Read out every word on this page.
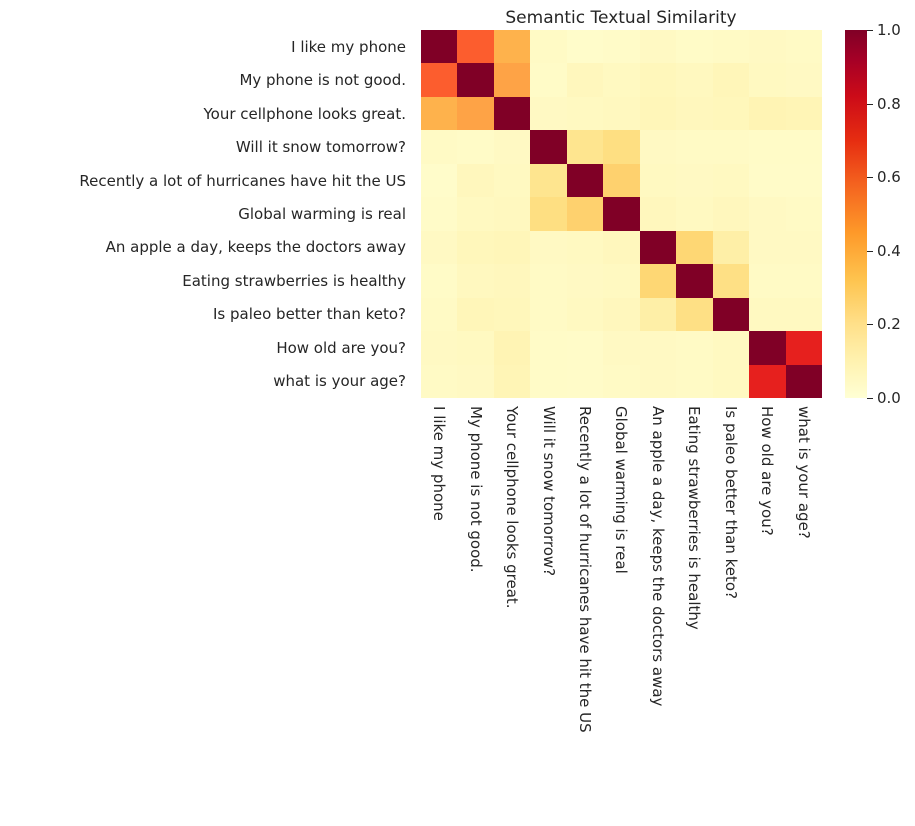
Semantic Textual Similarity
I like my phone
My phone is not good.
Your cellphone looks great.
Will it snow tomorrow?
Recently a lot of hurricanes have hit the US
Global warming is real
An apple a day, keeps the doctors away
Eating strawberries is healthy
Is paleo better than keto?
How old are you?
what is your age?
I like my phone My phone is not good. Your cellphone looks great. Will it snow tomorrow? Recently a lot of hurricanes have hit the US Global warming is real An apple a day, keeps the doctors away Eating strawberries is healthy Is paleo better than keto? How old are you? what is your age?
0.0
0.2
0.4
0.6
0.8
1.0
